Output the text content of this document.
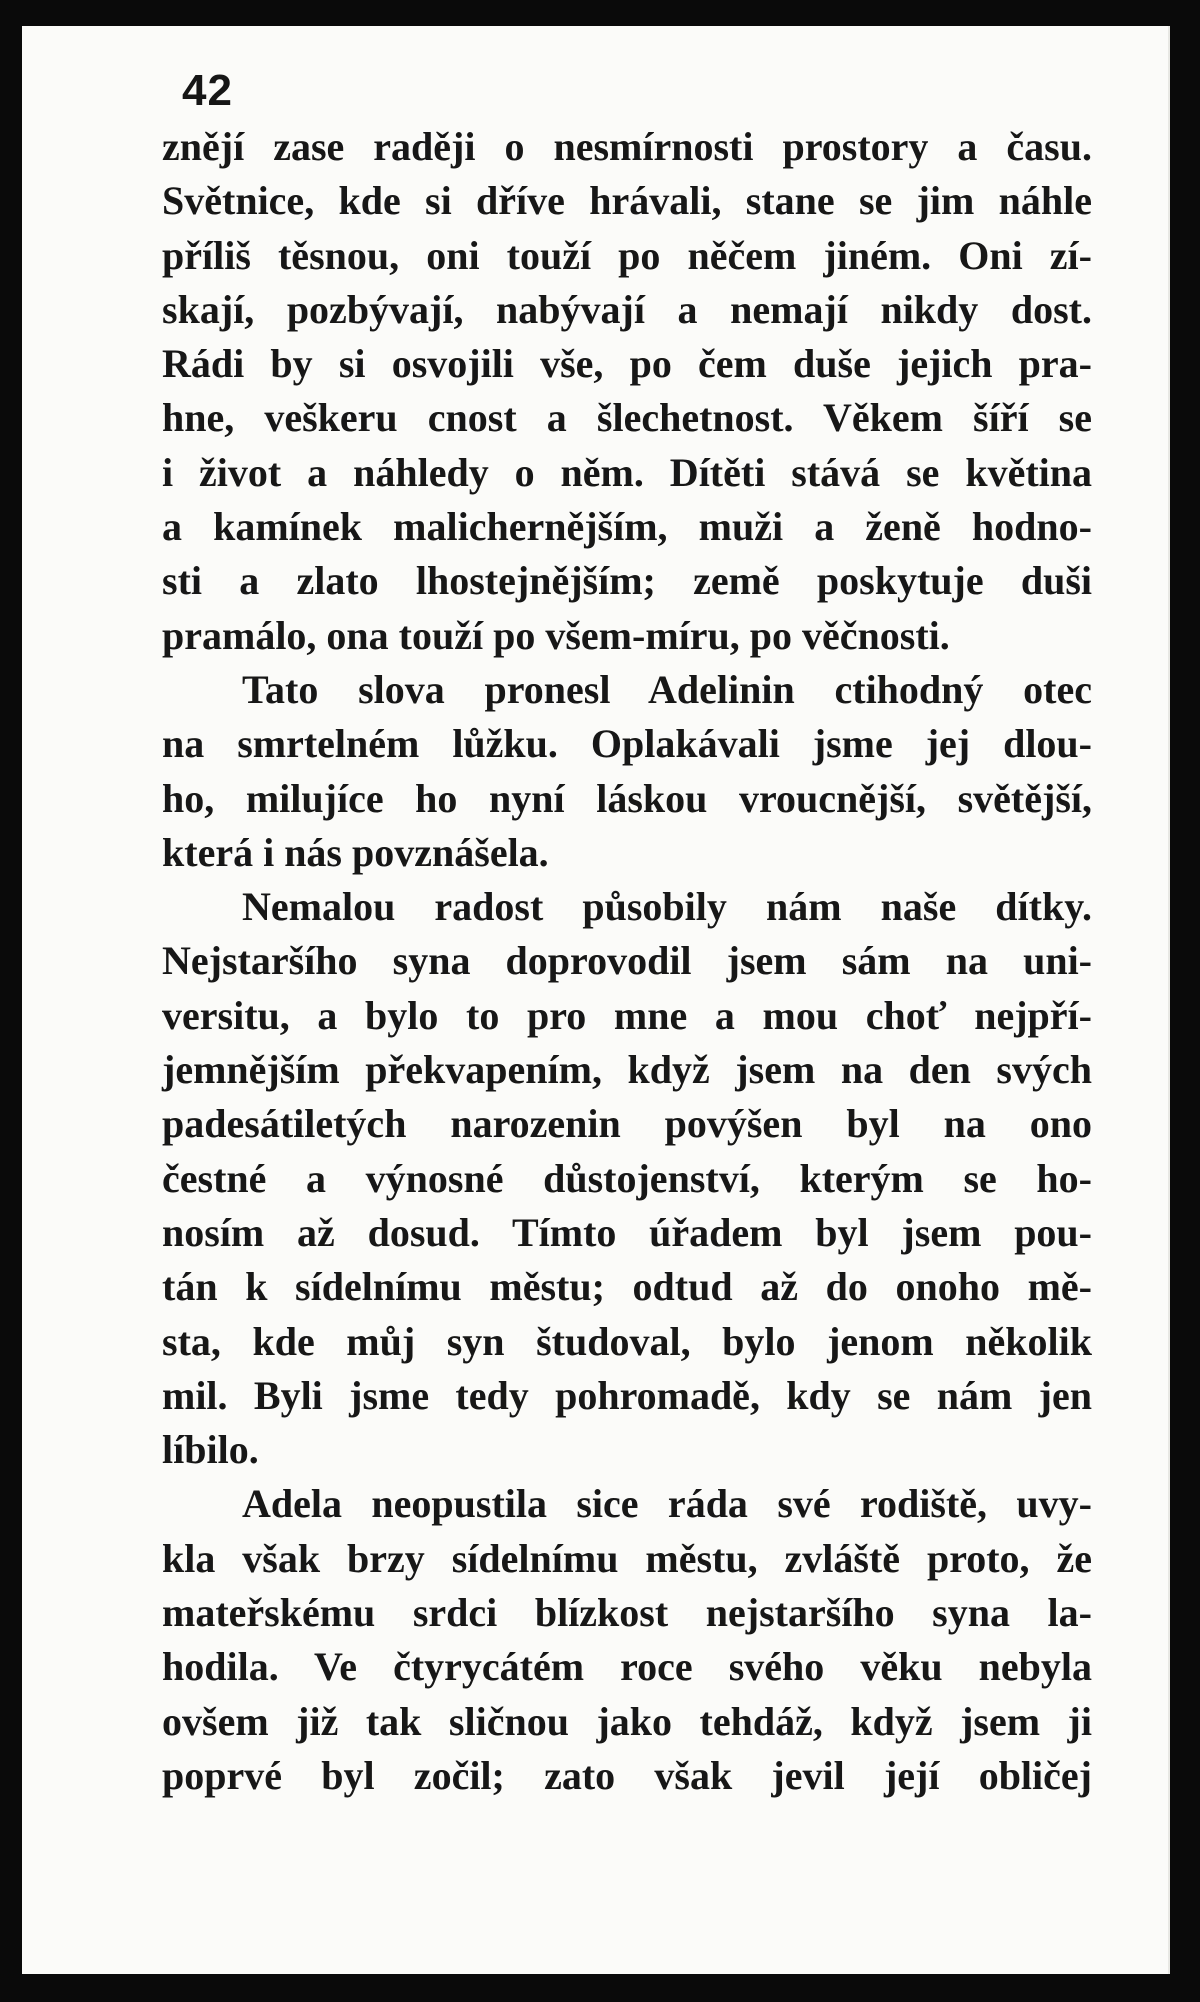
42
znějí zase raději o nesmírnosti prostory a času.
Světnice, kde si dříve hrávali, stane se jim náhle
příliš těsnou, oni touží po něčem jiném. Oni zí-
skají, pozbývají, nabývají a nemají nikdy dost.
Rádi by si osvojili vše, po čem duše jejich pra-
hne, veškeru cnost a šlechetnost. Věkem šíří se
i život a náhledy o něm. Dítěti stává se květina
a kamínek malichernějším, muži a ženě hodno-
sti a zlato lhostejnějším; země poskytuje duši
pramálo, ona touží po všem-míru, po věčnosti.
Tato slova pronesl Adelinin ctihodný otec
na smrtelném lůžku. Oplakávali jsme jej dlou-
ho, milujíce ho nyní láskou vroucnější, světější,
která i nás povznášela.
Nemalou radost působily nám naše dítky.
Nejstaršího syna doprovodil jsem sám na uni-
versitu, a bylo to pro mne a mou choť nejpří-
jemnějším překvapením, když jsem na den svých
padesátiletých narozenin povýšen byl na ono
čestné a výnosné důstojenství, kterým se ho-
nosím až dosud. Tímto úřadem byl jsem pou-
tán k sídelnímu městu; odtud až do onoho mě-
sta, kde můj syn študoval, bylo jenom několik
mil. Byli jsme tedy pohromadě, kdy se nám jen
líbilo.
Adela neopustila sice ráda své rodiště, uvy-
kla však brzy sídelnímu městu, zvláště proto, že
mateřskému srdci blízkost nejstaršího syna la-
hodila. Ve čtyrycátém roce svého věku nebyla
ovšem již tak sličnou jako tehdáž, když jsem ji
poprvé byl zočil; zato však jevil její obličej
